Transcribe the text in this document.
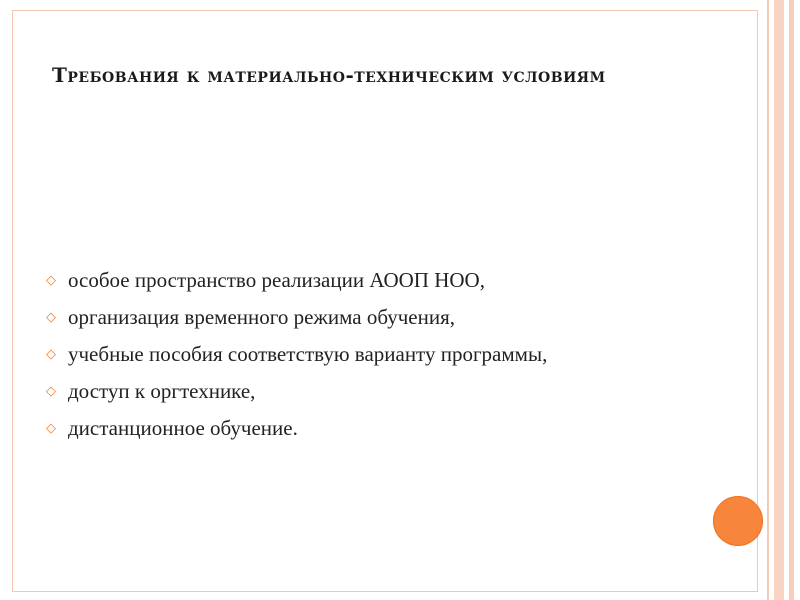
Требования к материально-техническим условиям
◇ особое пространство реализации АООП НОО,
◇ организация временного режима обучения,
◇ учебные пособия соответствую варианту программы,
◇ доступ к оргтехнике,
◇ дистанционное обучение.
